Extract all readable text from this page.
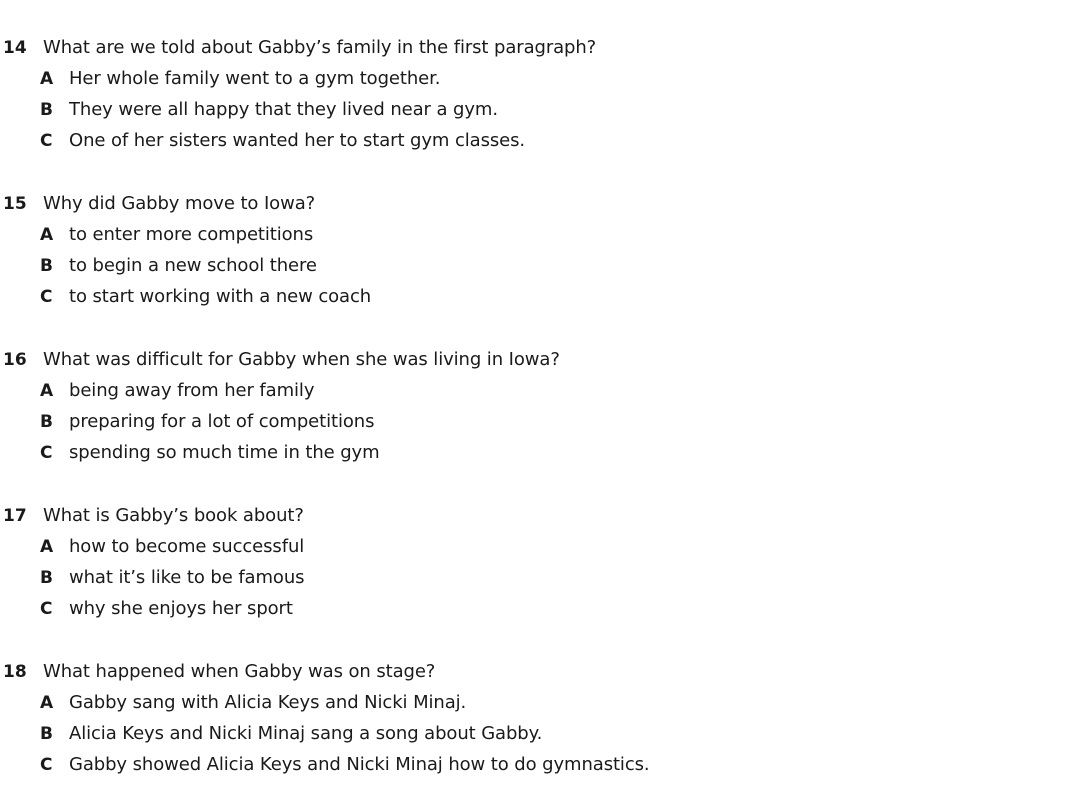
14 What are we told about Gabby’s family in the first paragraph?
A Her whole family went to a gym together.
B They were all happy that they lived near a gym.
C One of her sisters wanted her to start gym classes.
15 Why did Gabby move to Iowa?
A to enter more competitions
B to begin a new school there
C to start working with a new coach
16 What was difficult for Gabby when she was living in Iowa?
A being away from her family
B preparing for a lot of competitions
C spending so much time in the gym
17 What is Gabby’s book about?
A how to become successful
B what it’s like to be famous
C why she enjoys her sport
18 What happened when Gabby was on stage?
A Gabby sang with Alicia Keys and Nicki Minaj.
B Alicia Keys and Nicki Minaj sang a song about Gabby.
C Gabby showed Alicia Keys and Nicki Minaj how to do gymnastics.
